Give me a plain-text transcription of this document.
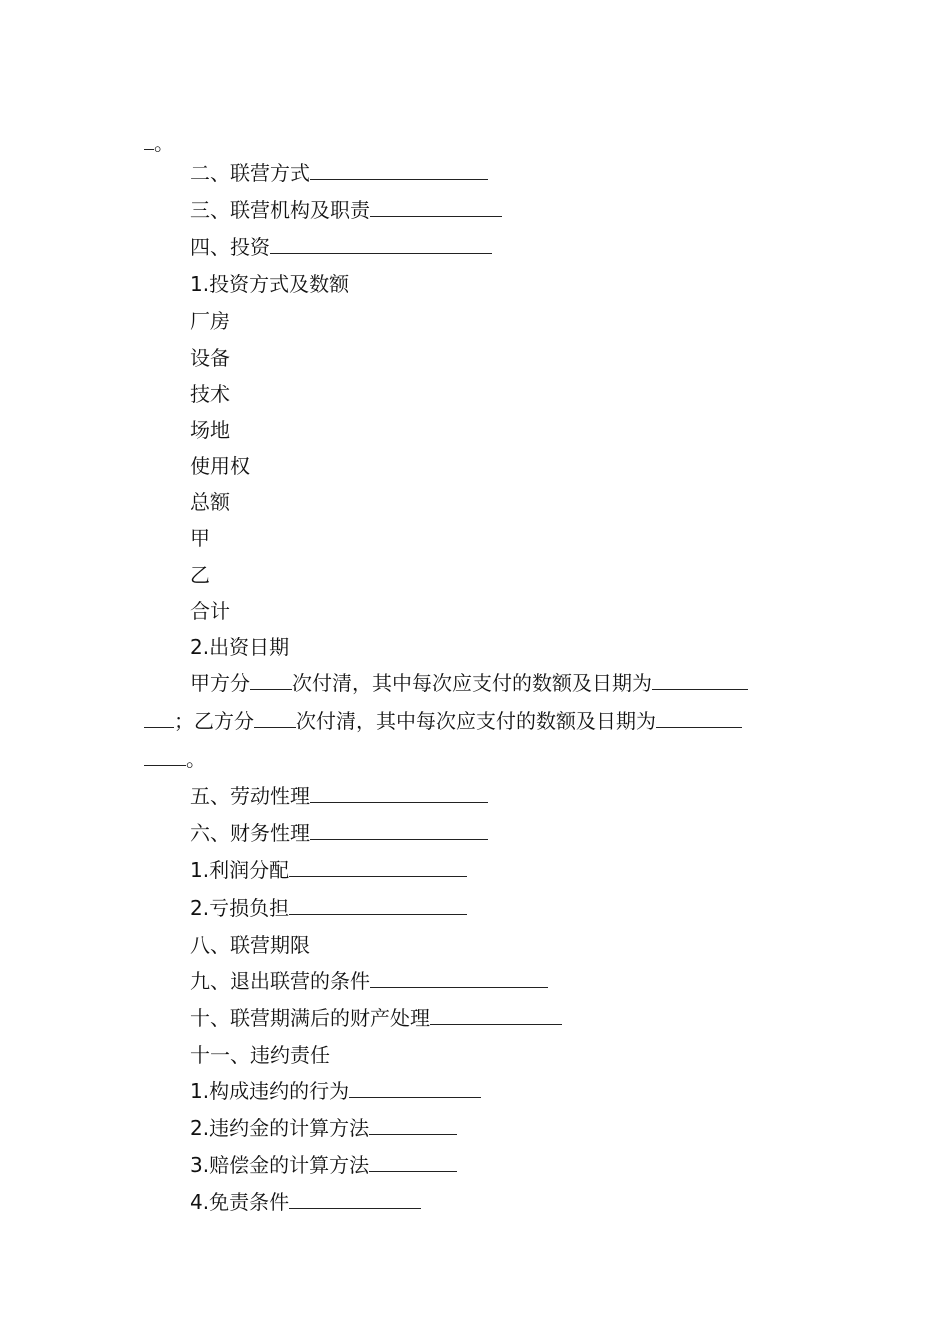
。
二、联营方式
三、联营机构及职责
四、投资
1.投资方式及数额
厂房
设备
技术
场地
使用权
总额
甲
乙
合计
2.出资日期
甲方分 次付清，其中每次应支付的数额及日期为
；乙方分 次付清，其中每次应支付的数额及日期为
。
五、劳动性理
六、财务性理
1.利润分配
2.亏损负担
八、联营期限
九、退出联营的条件
十、联营期满后的财产处理
十一、违约责任
1.构成违约的行为
2.违约金的计算方法
3.赔偿金的计算方法
4.免责条件
